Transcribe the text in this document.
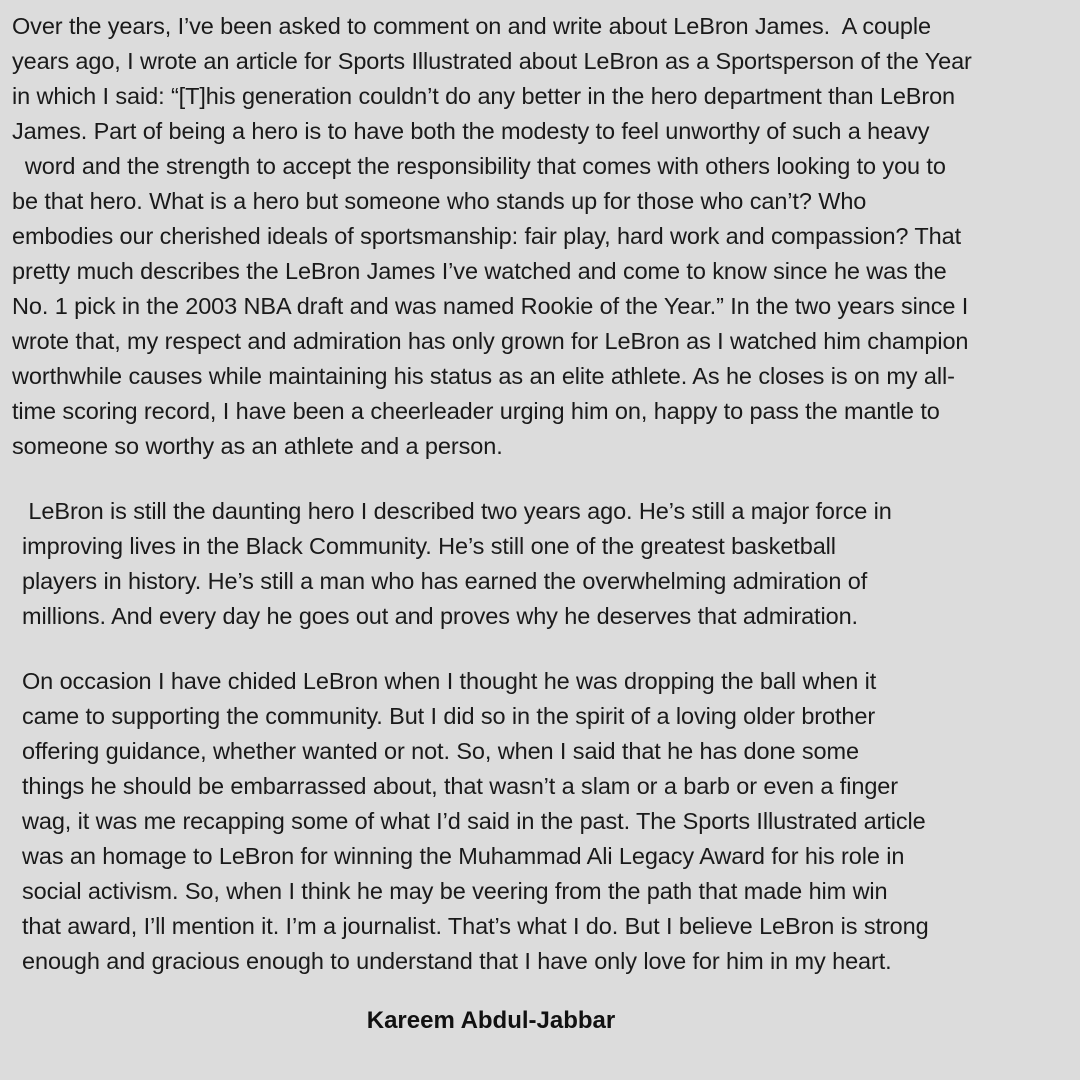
Over the years, I’ve been asked to comment on and write about LeBron James.  A couple
years ago, I wrote an article for Sports Illustrated about LeBron as a Sportsperson of the Year
in which I said: “[T]his generation couldn’t do any better in the hero department than LeBron
James. Part of being a hero is to have both the modesty to feel unworthy of such a heavy
word and the strength to accept the responsibility that comes with others looking to you to
be that hero. What is a hero but someone who stands up for those who can’t? Who
embodies our cherished ideals of sportsmanship: fair play, hard work and compassion? That
pretty much describes the LeBron James I’ve watched and come to know since he was the
No. 1 pick in the 2003 NBA draft and was named Rookie of the Year.” In the two years since I
wrote that, my respect and admiration has only grown for LeBron as I watched him champion
worthwhile causes while maintaining his status as an elite athlete. As he closes is on my all-
time scoring record, I have been a cheerleader urging him on, happy to pass the mantle to
someone so worthy as an athlete and a person.

LeBron is still the daunting hero I described two years ago. He’s still a major force in
improving lives in the Black Community. He’s still one of the greatest basketball
players in history. He’s still a man who has earned the overwhelming admiration of
millions. And every day he goes out and proves why he deserves that admiration.

On occasion I have chided LeBron when I thought he was dropping the ball when it
came to supporting the community. But I did so in the spirit of a loving older brother
offering guidance, whether wanted or not. So, when I said that he has done some
things he should be embarrassed about, that wasn’t a slam or a barb or even a finger
wag, it was me recapping some of what I’d said in the past. The Sports Illustrated article
was an homage to LeBron for winning the Muhammad Ali Legacy Award for his role in
social activism. So, when I think he may be veering from the path that made him win
that award, I’ll mention it. I’m a journalist. That’s what I do. But I believe LeBron is strong
enough and gracious enough to understand that I have only love for him in my heart.

Kareem Abdul-Jabbar
